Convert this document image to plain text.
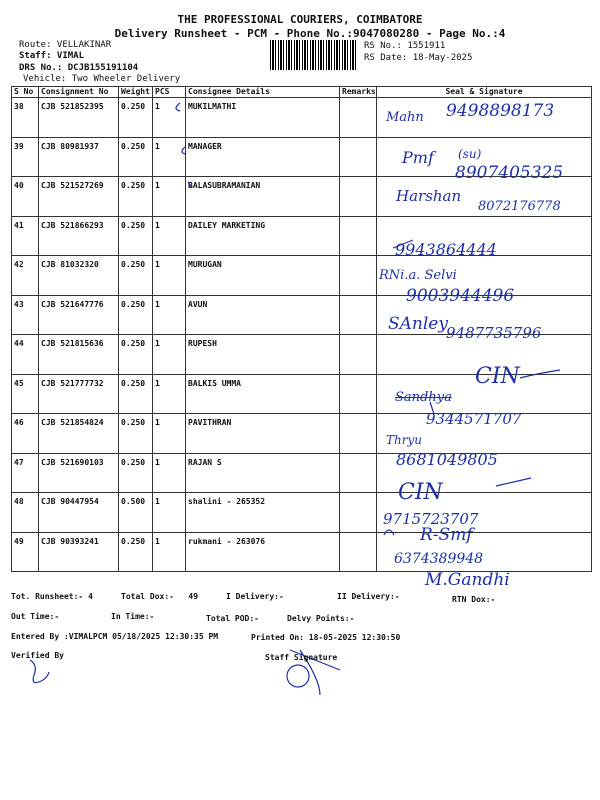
THE PROFESSIONAL COURIERS, COIMBATORE
Delivery Runsheet - PCM - Phone No.:9047080280 - Page No.:4
Route: VELLAKINAR
Staff: VIMAL
DRS No.: DCJB155191104
Vehicle: Two Wheeler Delivery
RS No.: 1551911
RS Date: 18-May-2025
S No	Consignment No	Weight	PCS	Consignee Details	Remarks	Seal & Signature
38	CJB 521852395	0.250	1	MUKILMATHI		
39	CJB 80981937	0.250	1	MANAGER		
40	CJB 521527269	0.250	1	BALASUBRAMANIAN		
41	CJB 521866293	0.250	1	DAILEY MARKETING		
42	CJB 81032320	0.250	1	MURUGAN		
43	CJB 521647776	0.250	1	AVUN		
44	CJB 521815636	0.250	1	RUPESH		
45	CJB 521777732	0.250	1	BALKIS UMMA		
46	CJB 521854824	0.250	1	PAVITHRAN		
47	CJB 521690103	0.250	1	RAJAN S		
48	CJB 90447954	0.500	1	shalini - 265352		
49	CJB 90393241	0.250	1	rukmani - 263076		
Mahn 9498898173
Pmf (su)
8907405325
Harshan
8072176778
9943864444
RNi.a. Selvi
9003944496
SAnley
9487735796
CIN
Sandhya
9344571707
Thryu
8681049805
CIN
9715723707
R-Smf
6374389948
M.Gandhi
Tot. Runsheet:- 4	Total Dox:-   49	I Delivery:-	II Delivery:-	RTN Dox:-
Out Time:-	In Time:-	Total POD:-	Delvy Points:-
Entered By :VIMALPCM 05/18/2025 12:30:35 PM	Printed On: 18-05-2025 12:30:50
Verified By	Staff Signature
